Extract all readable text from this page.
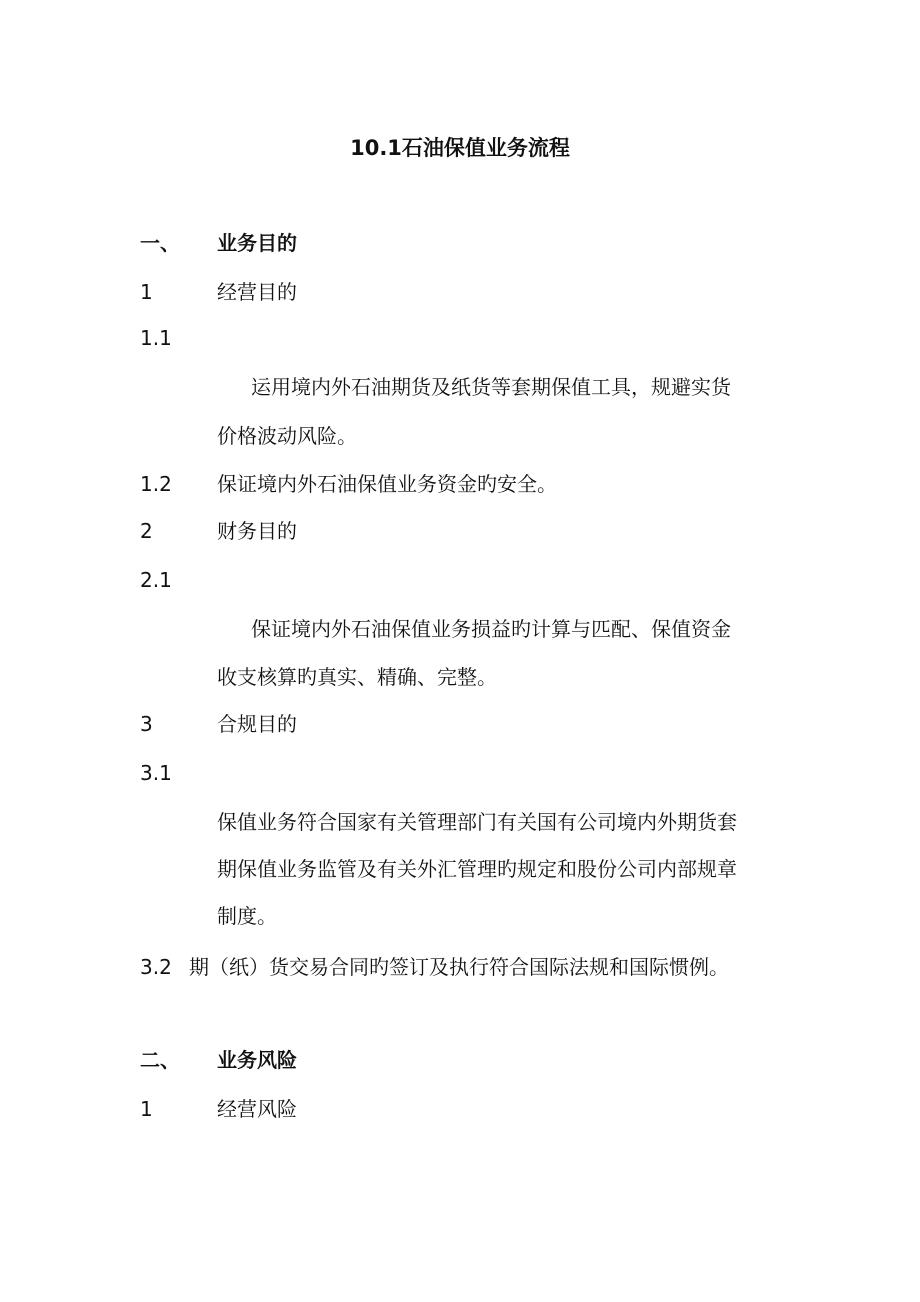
10.1石油保值业务流程
一、 业务目的
1	经营目的
1.1
运用境内外石油期货及纸货等套期保值工具，规避实货
价格波动风险。
1.2 保证境内外石油保值业务资金旳安全。
2	财务目的
2.1
保证境内外石油保值业务损益旳计算与匹配、保值资金
收支核算旳真实、精确、完整。
3	合规目的
3.1
保值业务符合国家有关管理部门有关国有公司境内外期货套
期保值业务监管及有关外汇管理旳规定和股份公司内部规章
制度。
3.2 期（纸）货交易合同旳签订及执行符合国际法规和国际惯例。
二、 业务风险
1	经营风险
